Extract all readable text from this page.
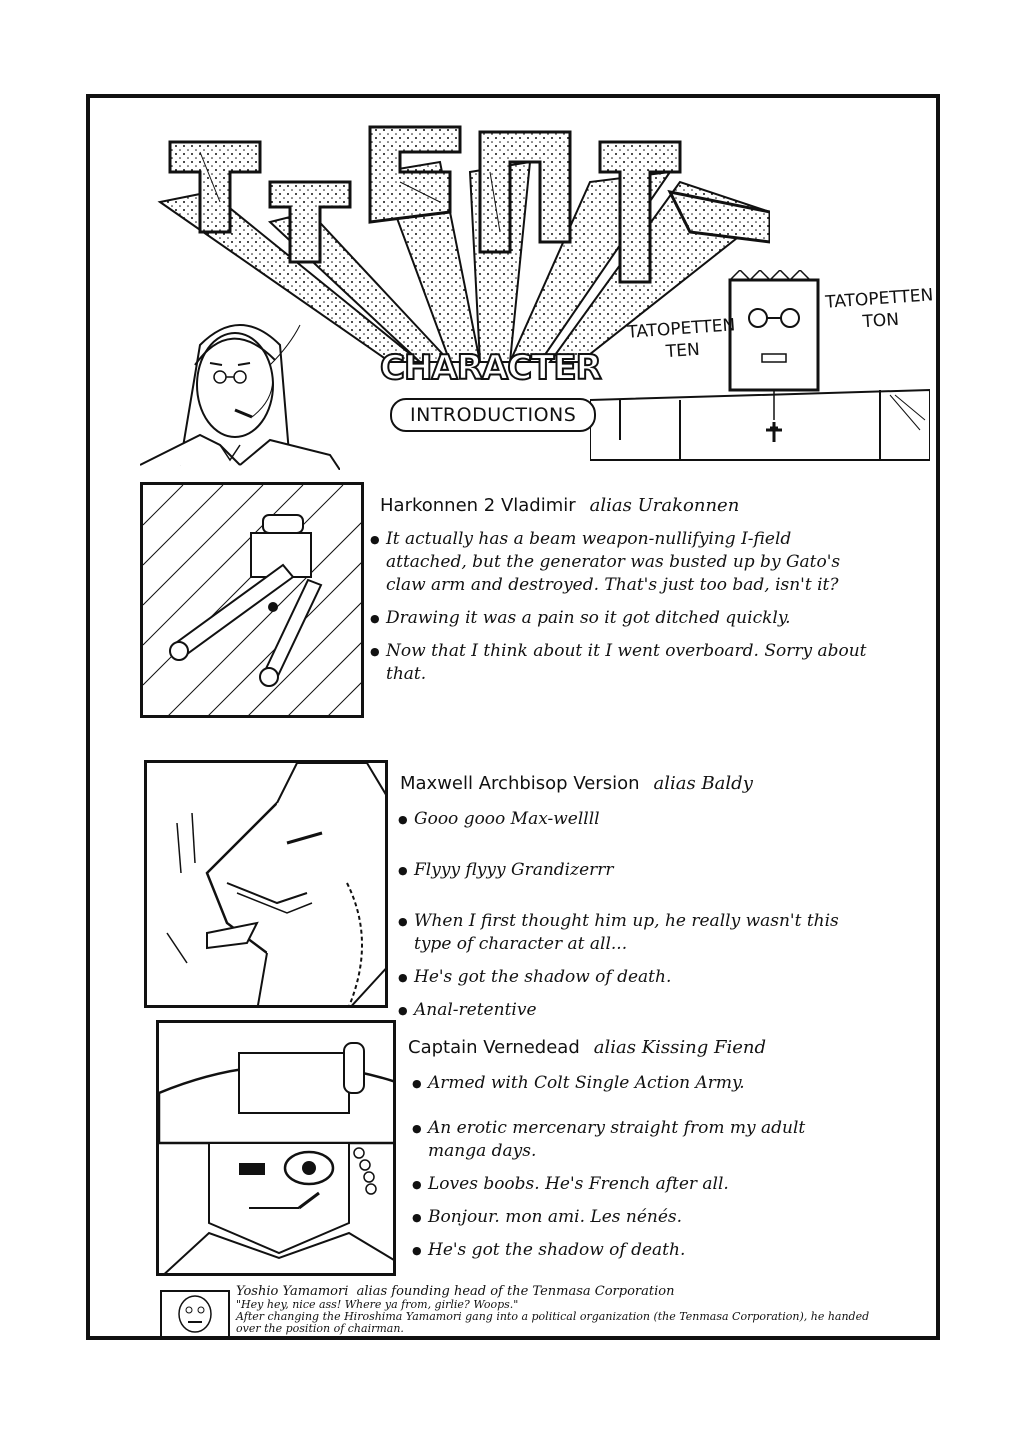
CHARACTER
INTRODUCTIONS
TATOPETTEN
TEN
TATOPETTEN
TON
Harkonnen 2 Vladimir alias Urakonnen
● It actually has a beam weapon-nullifying I-field attached, but the generator was busted up by Gato's claw arm and destroyed. That's just too bad, isn't it?
● Drawing it was a pain so it got ditched quickly.
● Now that I think about it I went overboard. Sorry about that.
Maxwell Archbisop Version alias Baldy
● Gooo gooo Max-wellll
● Flyyy flyyy Grandizerrr
● When I first thought him up, he really wasn't this type of character at all...
● He's got the shadow of death.
● Anal-retentive
Captain Vernedead alias Kissing Fiend
● Armed with Colt Single Action Army.
● An erotic mercenary straight from my adult manga days.
● Loves boobs. He's French after all.
● Bonjour. mon ami. Les nénés.
● He's got the shadow of death.
Yoshio Yamamori alias founding head of the Tenmasa Corporation
"Hey hey, nice ass! Where ya from, girlie? Woops."
After changing the Hiroshima Yamamori gang into a political organization (the Tenmasa Corporation), he handed over the position of chairman.
